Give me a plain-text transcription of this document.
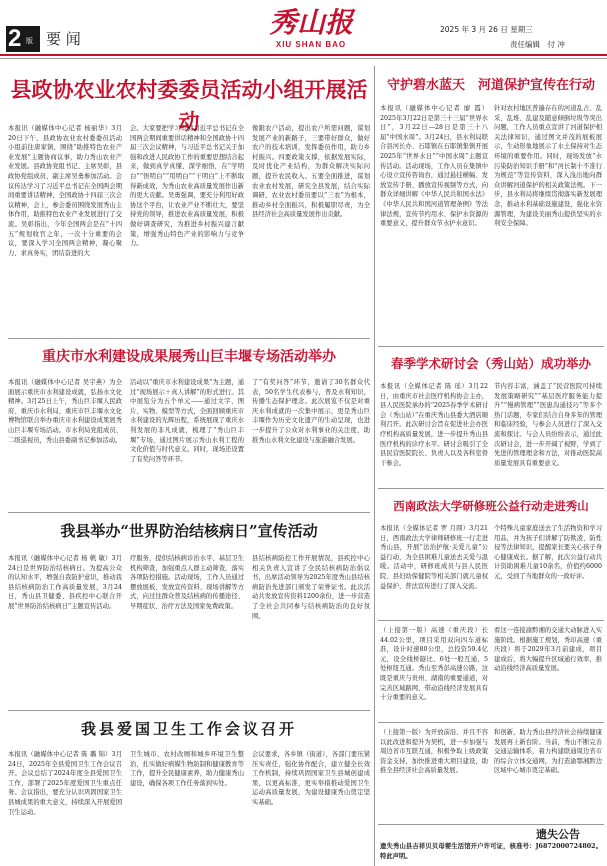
2 版 要 闻	秀山报
XIU SHAN BAO
2025 年 3 月 26 日 星期三
责任编辑　付 冲
县政协农业农村委委员活动小组开展活动

本报讯（融媒体中心记者 杨丽华）3月20日下午，县政协农业农村委委员活动小组前往唐家镇，围绕“助推特色农业产业发展”主题协商议事，助力秀山农业产业发展。县政协党组书记、主席吴彰，县政协党组成员、副主席吴勇参加活动。会议传达学习了习近平总书记在全国两会期间重要讲话精神，全国政协十四届三次会议精神，会上，参会委员围绕发展秀山主体作用，助推特色农业产业发展进行了交流。吴彰指出，今年全国两会是在“十四五”规划收官之年，一次十分重要的会议，要深入学习全国两会精神，凝心聚力、求真务实，团结奋进的大

会。大家要把学习贯彻习近平总书记在全国两会期间重要讲话精神和全国政协十四届三次会议精神，与习近平总书记关于加强和改进人民政协工作的重要思想结合起来，做到真学真懂、深学细悟，在“学明白”“悟明白”“用明白”“干明白”上不断取得新成效，为秀山农业高质量发展作出新的更大贡献。吴勇强调，要充分利用好政协这个平台，让农业产业不断壮大，要坚持党的领导，推进农业高质量发展，积极做好调查研究，为推进乡村振兴建言献策，增强秀山特色产业的影响力与竞争力。

像跟农户活动，提出农户所需问题，谋划发展产业的新路子，三要带好群众，做好农户的技术培训，发挥委员作用，助力乡村振兴。四要政策支撑，依据发展实际，及时优化产业结构，为群众解决实际问题，提升农民收入。五要全面推进，谋划农业农村发展，研究全县发展，结合实际调研，农业农村委员要以“三农”为根本，推动乡村全面振兴，积极履职尽责，为全县经济社会高质量发展作出贡献。

重庆市水利建设成果展秀山巨丰堰专场活动举办

本报讯（融媒体中心记者 吴宇燕）为全面展示重庆市水利建设成就，弘扬水文化精神。3月25日上午，秀山巨丰堰人民政府、重庆市水利局、重庆市巨丰堰水文化博物馆联合举办重庆市水利建设成果展秀山巨丰堰专场活动。市水利局党组成员、二级巡视员，秀山县委副书记参加活动。

活动以“重庆市水利建设成果”为主题，通过“现场展示＋真人讲解”的形式进行。其中展览分为五个单元——通过文字、图片、实物、模型等方式，全面回顾重庆市水利建设的光辉历程，系统展现了重庆水利发展的非凡成就，梳理了“秀山巨丰堰”专场，通过图片展示秀山水利工程的文化价值与时代意义。同时，现场还设置了有奖问答等环节。

了“有奖问答”环节，邀请了30名群众代表，50名学生代表参与，普及水利知识，传播生态保护理念。此次展览不仅是对重庆水利成就的一次集中展示，更是秀山巨丰堰作为历史文化遗产的生动呈现，也进一步提升了公众对水利事业的关注度，助推秀山水利文化建设与旅游融合发展。

我县举办“世界防治结核病日”宣传活动

本报讯（融媒体中心记者 杨 帆 敏）3月24日是世界防治结核病日。为提高公众的认知水平，增强自我防护意识，推动我县结核病防治工作高质量发展，3月24日，秀山县卫健委、县疾控中心联合开展“世界防治结核病日”主题宣传活动。

疗服务，提供结核病诊治水平、基层卫生机构筛查，加强重点人群主动筛查，落实各项防控措施。活动现场，工作人员通过摆放展板、发放宣传资料、现场讲解等方式，向过往群众普及结核病的传播途径、早期症状、治疗方法及国家免费政策。

县结核病防控工作开展情况，县疾控中心相关负责人宣讲了全民结核病防治倡议书，出席活动领导为2025年度秀山县结核病防治先进部门颁发了荣誉证书。此次活动共发放宣传资料1200余份，进一步营造了全社会共同参与结核病防治的良好氛围。

我县爱国卫生工作会议召开

本报讯（融媒体中心记者 陈 璐 锦）3月24日，2025年全县爱国卫生工作会议召开。会议总结了2024年度全县爱国卫生工作，部署了2025年度爱国卫生重点任务。会议指出，要充分认识巩固国家卫生县城成果的重大意义，持续深入开展爱国卫生运动。

卫生城市、农村改厕和城乡环境卫生整治，扎实做好病媒生物防制和健康教育等工作，提升全民健康素养，助力健康秀山建设，确保各项工作任务落到实处。

会议要求，各乡镇（街道）、各部门要压紧压实责任，强化协作配合，建立健全长效工作机制，持续巩固国家卫生县城创建成果，以更高标准、更实举措推动爱国卫生运动高质量发展，为建设健康秀山奠定坚实基础。

守护碧水蓝天　河道保护宣传在行动

本报讯（融媒体中心记者 廖 霞）2025年3月22日是第三十三届“世界水日”，3月22日—28日是第三十八届“中国水周”。3月24日，县水利局联合县河长办、石耶镇在石耶镇集镇开展2025年“世界水日”“中国水周”主题宣传活动。活动现场，工作人员在集镇中心设立宣传咨询台，通过悬挂横幅、发放宣传手册、播放宣传视频等方式，向群众详细讲解《中华人民共和国水法》《中华人民共和国河道管理条例》等法律法规，宣传节约用水、保护水资源的重要意义，提升群众节水护水意识。

针对农村地区普遍存在的河道乱占、乱采、乱堆、乱建及随意倾倒垃圾等突出问题，工作人员重点宣讲了河道保护相关法律知识，通过图文并茂的展板展示，生动形象地展示了水土保持对生态环境的重要作用。同时，现场发放“水污染防治知识手册”和“河长制十不准行为规范”等宣传资料，深入浅出地向群众讲解河道保护的相关政策法规。下一步，县水利局将继续贯彻落实新发展理念，推动水利基础设施建设，强化水资源管理，为建设美丽秀山提供坚实的水利安全保障。

春季学术研讨会（秀山站）成功举办

本报讯（全媒体记者 陈 瑶）3月22日，由重庆市社会医疗机构协会主办，县人民医院承办的“2025春季学术研讨会（秀山站）”在重庆秀山县委大酒店顺利召开。此次研讨会旨在促进社会办医疗机构高质量发展，进一步提升秀山县医疗机构的诊疗水平。研讨会吸引了全县民营医院院长、负责人以及各科室骨干参会。

节内容丰富，涵盖了“民营医院可持续发展策略研究”“基层医疗服务能力提升”“慢病管理”“医患沟通技巧”等多个热门话题，专家们结合自身多年的管理和临床经验，与参会人员进行了深入交流和探讨。与会人员纷纷表示，通过此次研讨会，进一步开阔了视野，学到了先进的管理理念和方法，对推动医院高质量发展具有重要意义。

西南政法大学研修班公益行动走进秀山

本报讯（全媒体记者 罗 月圆）3月21日，西南政法大学律师研修班一行走进秀山县，开展“法治护航·关爱儿童”公益行动，为全县困难儿童送去关爱与温暖。活动中，研修班成员与县人民医院、县妇幼保健院等相关部门就儿童权益保护、普法宣传进行了深入交流。

个特殊儿童家庭送去了生活物资和学习用品，并为孩子们讲解了防欺凌、防性侵等法律知识，提醒家长要关心孩子身心健康成长。据了解，此次公益行动共计资助困难儿童10余名，价值约6000元，受到了当地群众的一致好评。

（上接第一版）高速（重庆段）长44.02公里，项目采用双向四车道标准，设计时速80公里，总投资59.4亿元，设全线桥隧比、6处一般互通，5处枢纽互通。秀山至秀彭高速公路，这既是重庆与贵州、湖南的重要通道，对完善区域路网、带动沿线经济发展具有十分重要的意义。

看这一连接渝黔湘的交通大动脉进入实施阶段。根据施工规划，秀印高速（重庆段）将于2029年3月前建成，项目建成后，将大幅提升区域通行效率，推动沿线经济高质量发展。

（上接第一版）为开放前沿、并且不容以此改进和提升为契机，进一步加强与周边省市互联互通，积极争取上级政策资金支持，加快推进重大项目建设，助推全县经济社会高质量发展。

和创新，助力秀山县经济社会持续健康发展再上新台阶。当前，秀山不断完善交通运输体系，着力构建联通周边省市的综合立体交通网，为打造渝鄂湘黔边区域中心城市奠定基础。

遗失公告

遗失秀山县吉祥贝贝母婴生活馆开户许可证，核准号：J6872000724802。特此声明。
